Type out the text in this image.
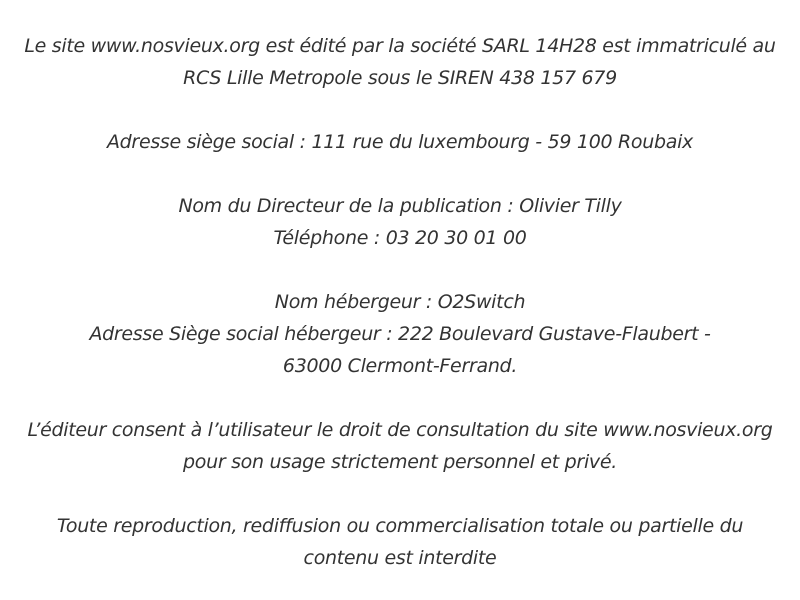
Le site www.nosvieux.org est édité par la société SARL 14H28 est immatriculé au
RCS Lille Metropole sous le SIREN 438 157 679
Adresse siège social : 111 rue du luxembourg - 59 100 Roubaix
Nom du Directeur de la publication : Olivier Tilly
Téléphone : 03 20 30 01 00
Nom hébergeur : O2Switch
Adresse Siège social hébergeur : 222 Boulevard Gustave-Flaubert -
63000 Clermont-Ferrand.
L’éditeur consent à l’utilisateur le droit de consultation du site www.nosvieux.org
pour son usage strictement personnel et privé.
Toute reproduction, rediffusion ou commercialisation totale ou partielle du
contenu est interdite
